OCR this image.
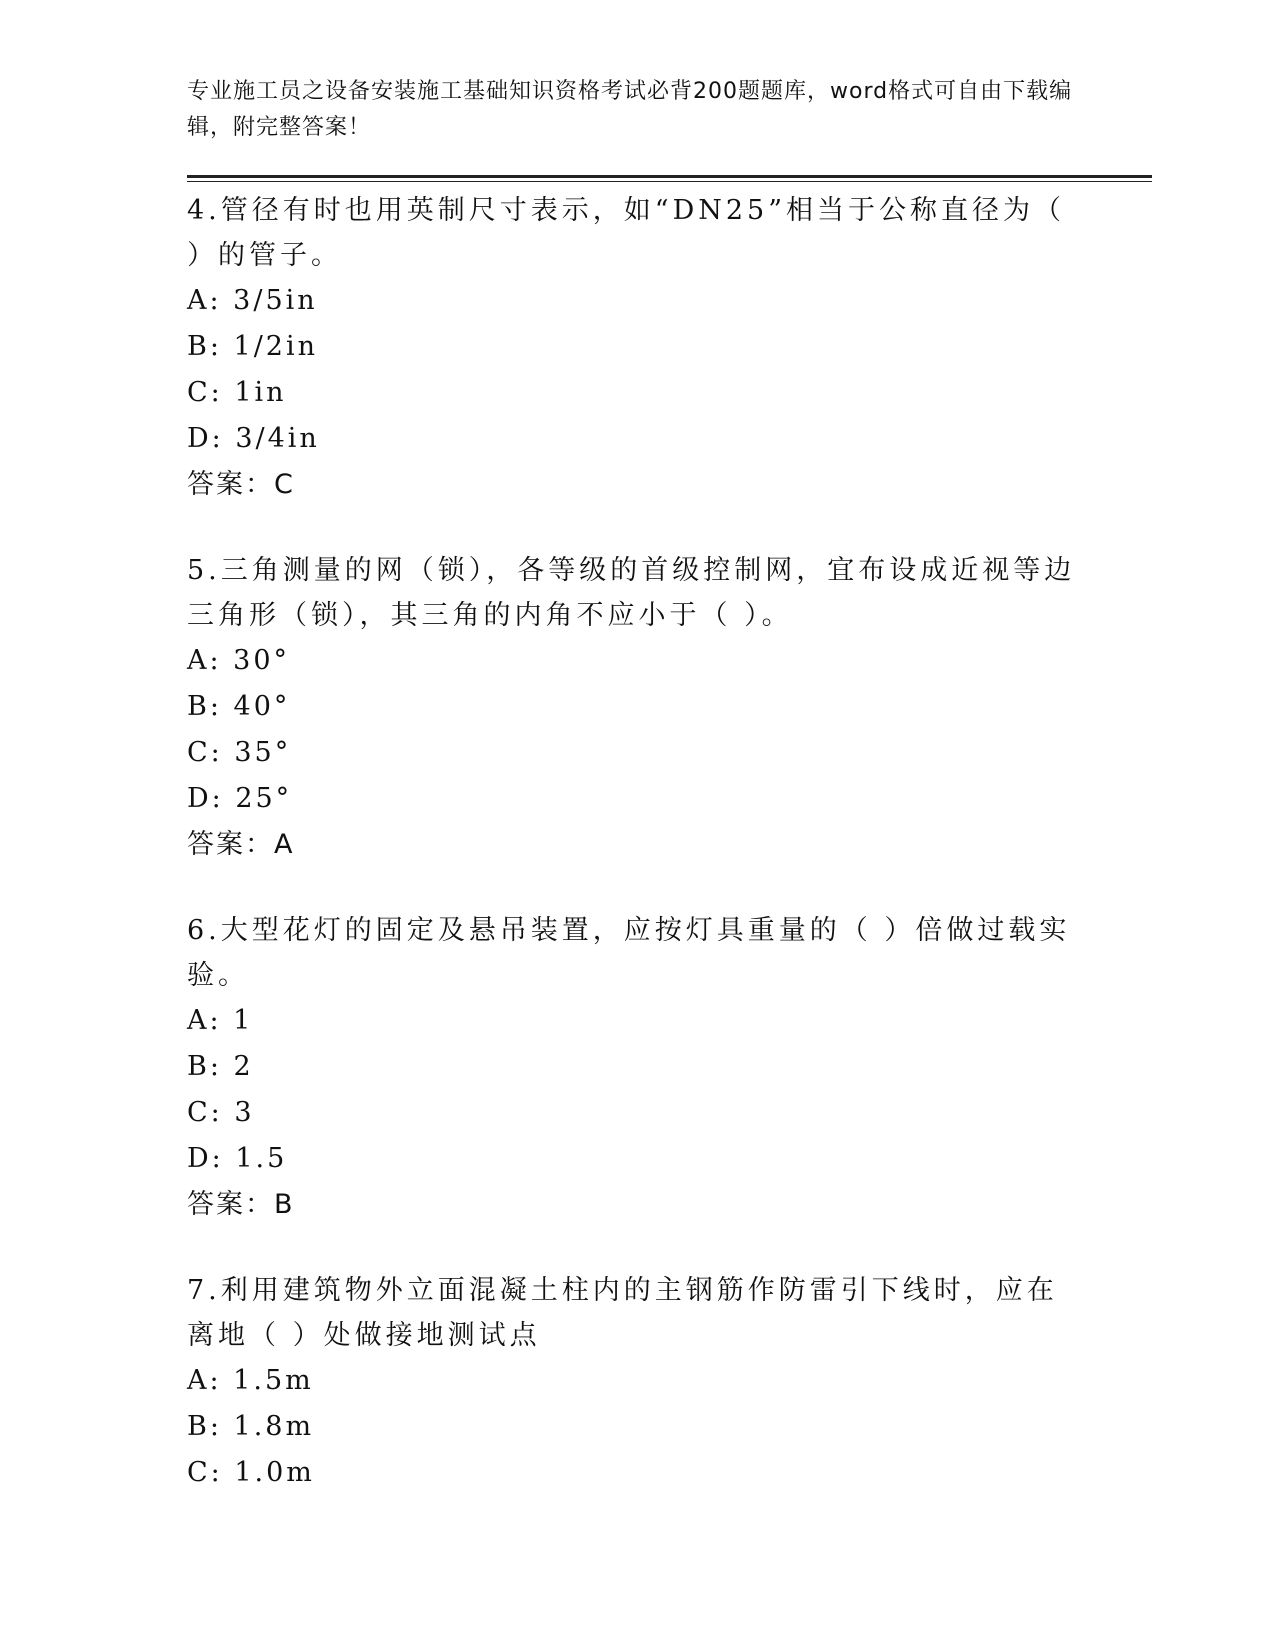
专业施工员之设备安装施工基础知识资格考试必背200题题库，word格式可自由下载编辑，附完整答案！

4.管径有时也用英制尺寸表示，如“DN25”相当于公称直径为（ ）的管子。

A: 3/5in

B: 1/2in

C: 1in

D: 3/4in

答案：C

5.三角测量的网（锁），各等级的首级控制网，宜布设成近视等边三角形（锁），其三角的内角不应小于（ ）。

A: 30°

B: 40°

C: 35°

D: 25°

答案：A

6.大型花灯的固定及悬吊装置，应按灯具重量的（ ）倍做过载实验。

A: 1

B: 2

C: 3

D: 1.5

答案：B

7.利用建筑物外立面混凝土柱内的主钢筋作防雷引下线时，应在离地（ ）处做接地测试点

A: 1.5m

B: 1.8m

C: 1.0m
